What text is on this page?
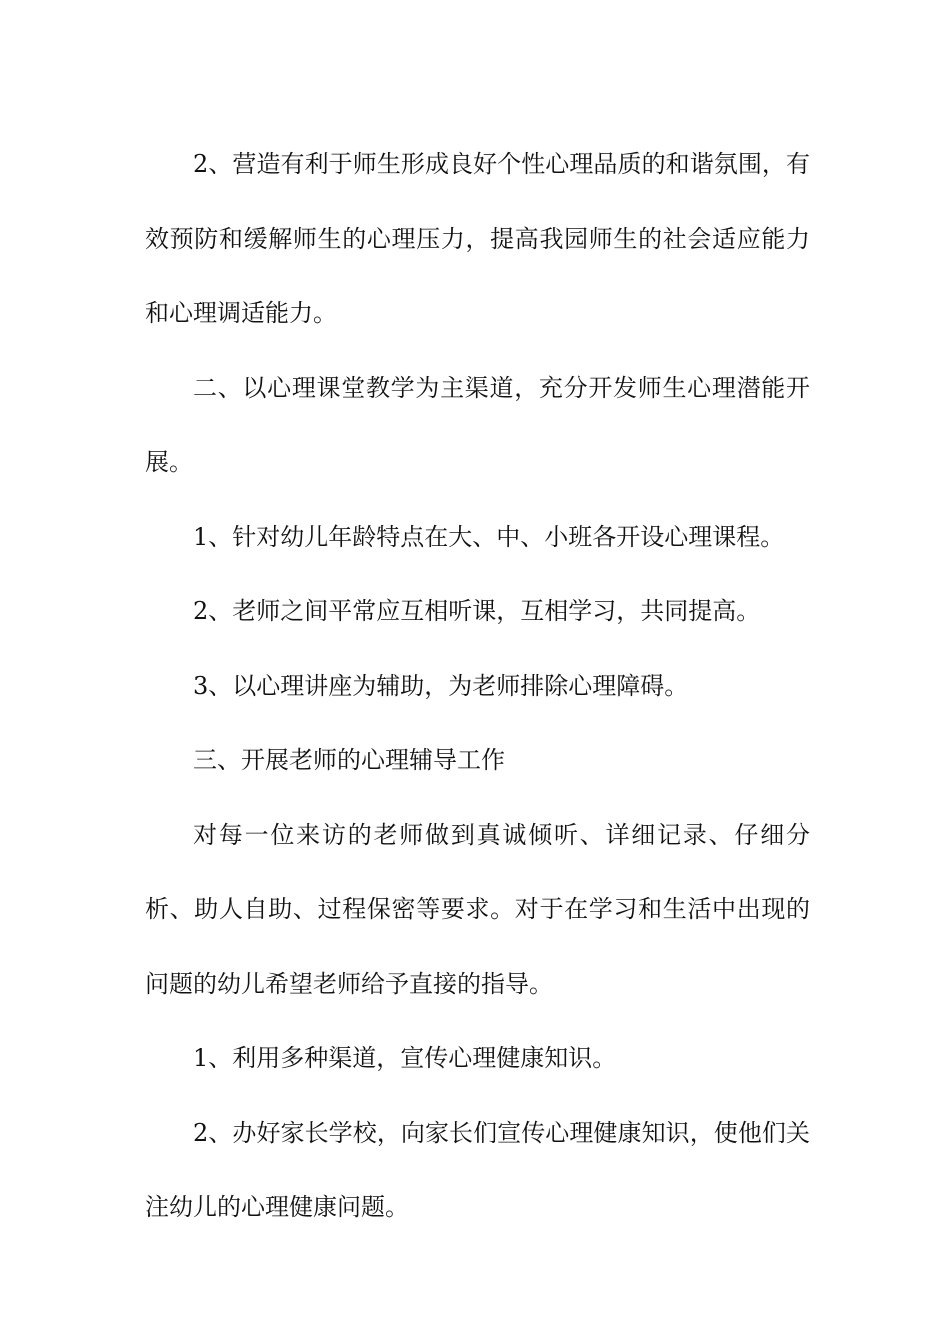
2、营造有利于师生形成良好个性心理品质的和谐氛围，有效预防和缓解师生的心理压力，提高我园师生的社会适应能力和心理调适能力。

二、以心理课堂教学为主渠道，充分开发师生心理潜能开展。

1、针对幼儿年龄特点在大、中、小班各开设心理课程。

2、老师之间平常应互相听课，互相学习，共同提高。

3、以心理讲座为辅助，为老师排除心理障碍。

三、开展老师的心理辅导工作

对每一位来访的老师做到真诚倾听、详细记录、仔细分析、助人自助、过程保密等要求。对于在学习和生活中出现的问题的幼儿希望老师给予直接的指导。

1、利用多种渠道，宣传心理健康知识。

2、办好家长学校，向家长们宣传心理健康知识，使他们关注幼儿的心理健康问题。
